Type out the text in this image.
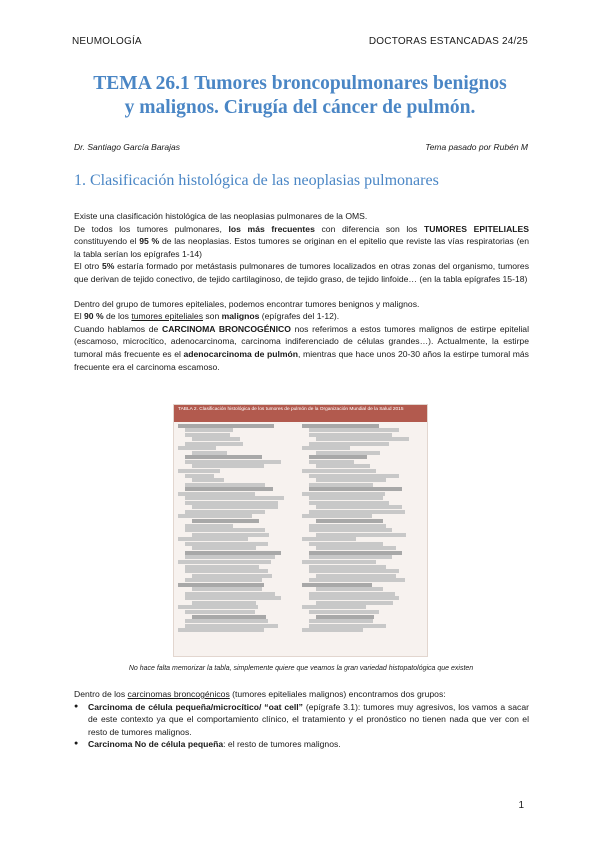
NEUMOLOGÍA	DOCTORAS ESTANCADAS 24/25
TEMA 26.1 Tumores broncopulmonares benignos
y malignos. Cirugía del cáncer de pulmón.
Dr. Santiago García Barajas	Tema pasado por Rubén M
1. Clasificación histológica de las neoplasias pulmonares

Existe una clasificación histológica de las neoplasias pulmonares de la OMS.

De todos los tumores pulmonares, los más frecuentes con diferencia son los TUMORES EPITELIALES constituyendo el 95 % de las neoplasias. Estos tumores se originan en el epitelio que reviste las vías respiratorias (en la tabla serían los epígrafes 1-14)

El otro 5% estaría formado por metástasis pulmonares de tumores localizados en otras zonas del organismo, tumores que derivan de tejido conectivo, de tejido cartilaginoso, de tejido graso, de tejido linfoide… (en la tabla epígrafes 15-18)

Dentro del grupo de tumores epiteliales, podemos encontrar tumores benignos y malignos.

El 90 % de los tumores epiteliales son malignos (epígrafes del 1-12).

Cuando hablamos de CARCINOMA BRONCOGÉNICO nos referimos a estos tumores malignos de estirpe epitelial (escamoso, microcítico, adenocarcinoma, carcinoma indiferenciado de células grandes…). Actualmente, la estirpe tumoral más frecuente es el adenocarcinoma de pulmón, mientras que hace unos 20-30 años la estirpe tumoral más frecuente era el carcinoma escamoso.

TABLA 2. Clasificación histológica de los tumores de pulmón de la Organización Mundial de la Salud 2015
No hace falta memorizar la tabla, simplemente quiere que veamos la gran variedad histopatológica que existen

Dentro de los carcinomas broncogénicos (tumores epiteliales malignos) encontramos dos grupos:

● Carcinoma de célula pequeña/microcítico/ “oat cell” (epígrafe 3.1): tumores muy agresivos, los vamos a sacar de este contexto ya que el comportamiento clínico, el tratamiento y el pronóstico no tienen nada que ver con el resto de tumores malignos.
● Carcinoma No de célula pequeña: el resto de tumores malignos.
1
